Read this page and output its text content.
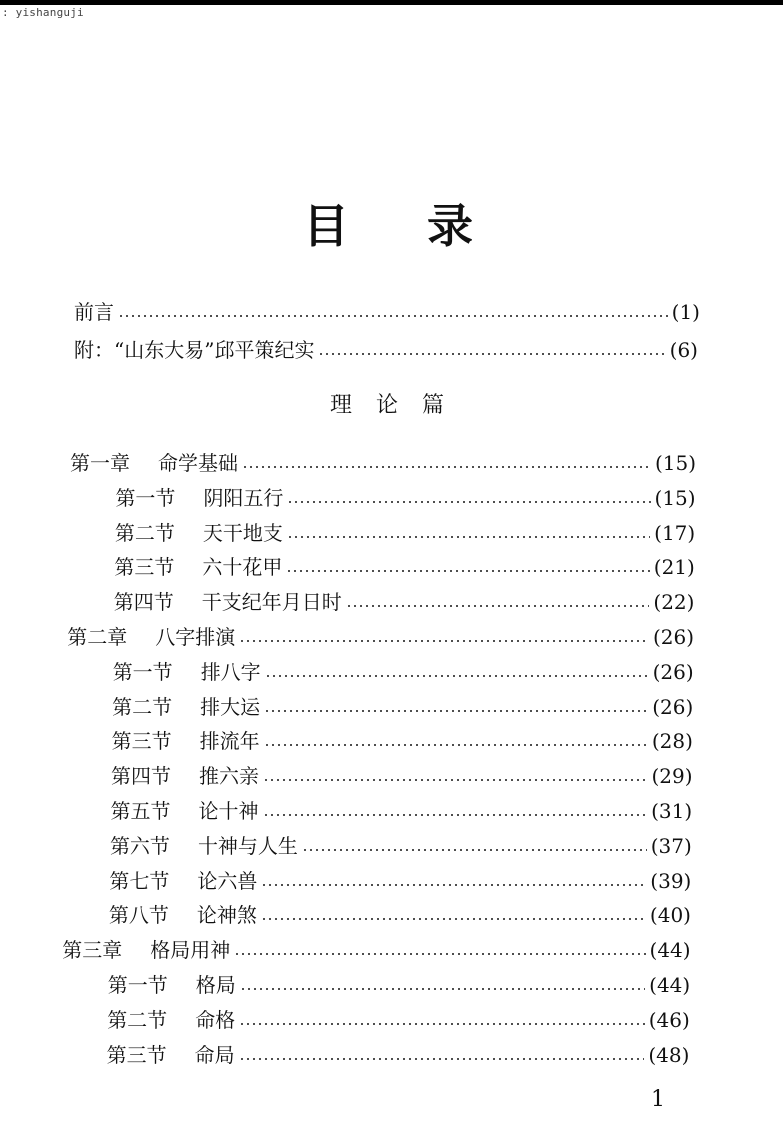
: yishanguji
目录
前言	(1)
附：“山东大易”邱平策纪实	(6)
理论篇
第一章 命学基础	(15)
第一节 阴阳五行	(15)
第二节 天干地支	(17)
第三节 六十花甲	(21)
第四节 干支纪年月日时	(22)
第二章 八字排演	(26)
第一节 排八字	(26)
第二节 排大运	(26)
第三节 排流年	(28)
第四节 推六亲	(29)
第五节 论十神	(31)
第六节 十神与人生	(37)
第七节 论六兽	(39)
第八节 论神煞	(40)
第三章 格局用神	(44)
第一节 格局	(44)
第二节 命格	(46)
第三节 命局	(48)
1
